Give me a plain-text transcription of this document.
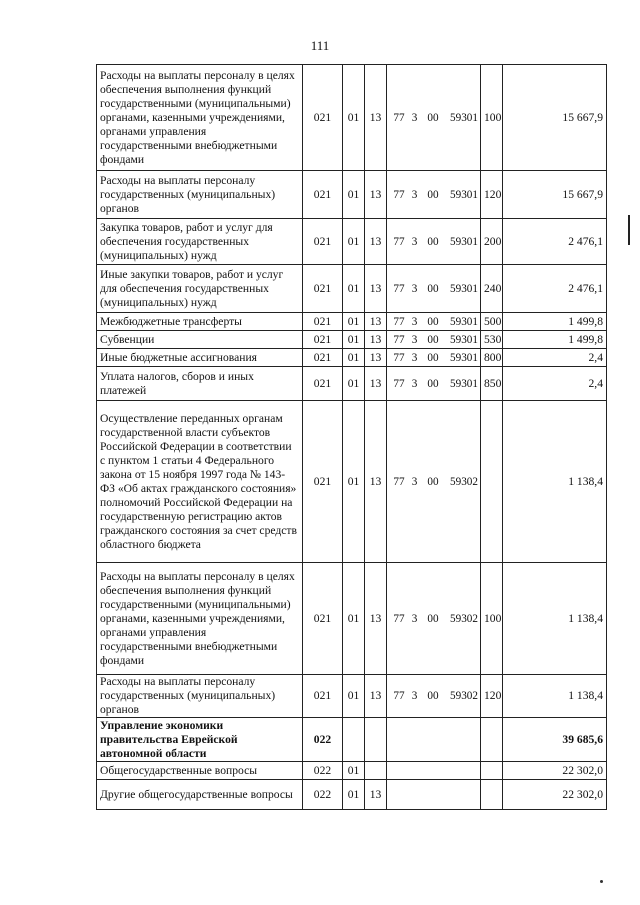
111
Расходы на выплаты персоналу в целях обеспечения выполнения функций государственными (муниципальными) органами, казенными учреждениями, органами управления государственными внебюджетными фондами	021	01	13	77 3 00 59301	100	15 667,9
Расходы на выплаты персоналу государственных (муниципальных) органов	021	01	13	77 3 00 59301	120	15 667,9
Закупка товаров, работ и услуг для обеспечения государственных (муниципальных) нужд	021	01	13	77 3 00 59301	200	2 476,1
Иные закупки товаров, работ и услуг для обеспечения государственных (муниципальных) нужд	021	01	13	77 3 00 59301	240	2 476,1
Межбюджетные трансферты	021	01	13	77 3 00 59301	500	1 499,8
Субвенции	021	01	13	77 3 00 59301	530	1 499,8
Иные бюджетные ассигнования	021	01	13	77 3 00 59301	800	2,4
Уплата налогов, сборов и иных платежей	021	01	13	77 3 00 59301	850	2,4
Осуществление переданных органам государственной власти субъектов Российской Федерации в соответствии с пунктом 1 статьи 4 Федерального закона от 15 ноября 1997 года № 143-ФЗ «Об актах гражданского состояния» полномочий Российской Федерации на государственную регистрацию актов гражданского состояния за счет средств областного бюджета	021	01	13	77 3 00 59302		1 138,4
Расходы на выплаты персоналу в целях обеспечения выполнения функций государственными (муниципальными) органами, казенными учреждениями, органами управления государственными внебюджетными фондами	021	01	13	77 3 00 59302	100	1 138,4
Расходы на выплаты персоналу государственных (муниципальных) органов	021	01	13	77 3 00 59302	120	1 138,4
Управление экономики правительства Еврейской автономной области	022					39 685,6
Общегосударственные вопросы	022	01				22 302,0
Другие общегосударственные вопросы	022	01	13			22 302,0
